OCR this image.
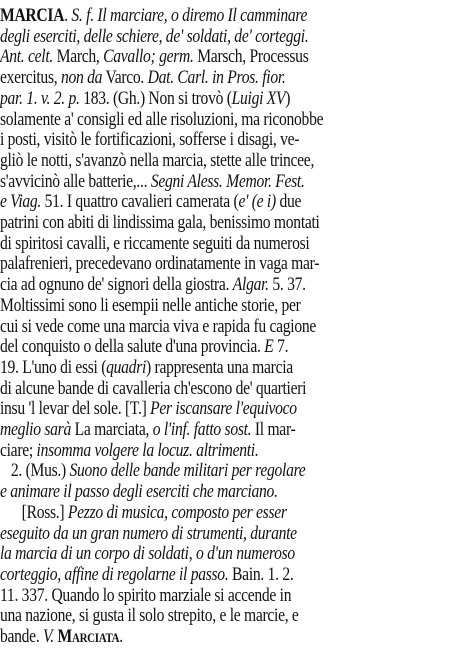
MARCIA. S. f. Il marciare, o diremo Il camminare
degli eserciti, delle schiere, de' soldati, de' corteggi.
Ant. celt. March, Cavallo; germ. Marsch, Processus
exercitus, non da Varco. Dat. Carl. in Pros. fior.
par. 1. v. 2. p. 183. (Gh.) Non si trovò (Luigi XV)
solamente a' consigli ed alle risoluzioni, ma riconobbe
i posti, visitò le fortificazioni, sofferse i disagi, ve-
gliò le notti, s'avanzò nella marcia, stette alle trincee,
s'avvicinò alle batterie,... Segni Aless. Memor. Fest.
e Viag. 51. I quattro cavalieri camerata (e' (e i) due
patrini con abiti di lindissima gala, benissimo montati
di spiritosi cavalli, e riccamente seguiti da numerosi
palafrenieri, precedevano ordinatamente in vaga mar-
cia ad ognuno de' signori della giostra. Algar. 5. 37.
Moltissimi sono li esempii nelle antiche storie, per
cui si vede come una marcia viva e rapida fu cagione
del conquisto o della salute d'una provincia. E 7.
19. L'uno di essi (quadri) rappresenta una marcia
di alcune bande di cavalleria ch'escono de' quartieri
insu 'l levar del sole. [T.] Per iscansare l'equivoco
meglio sarà La marciata, o l'inf. fatto sost. Il mar-
ciare; insomma volgere la locuz. altrimenti.
2. (Mus.) Suono delle bande militari per regolare
e animare il passo degli eserciti che marciano.
[Ross.] Pezzo di musica, composto per esser
eseguito da un gran numero di strumenti, durante
la marcia di un corpo di soldati, o d'un numeroso
corteggio, affine di regolarne il passo. Bain. 1. 2.
11. 337. Quando lo spirito marziale si accende in
una nazione, si gusta il solo strepito, e le marcie, e
bande. V. Marciata.
